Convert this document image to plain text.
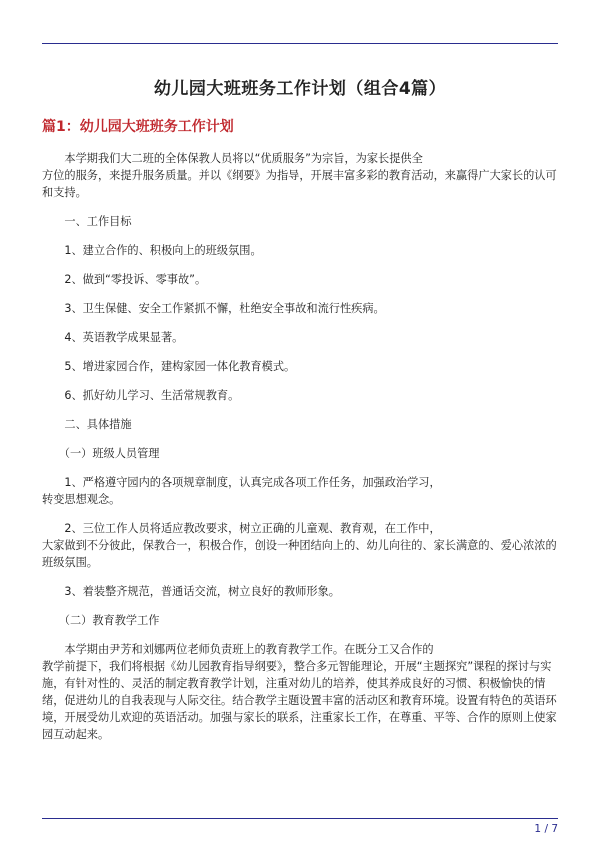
幼儿园大班班务工作计划（组合4篇）
篇1：幼儿园大班班务工作计划

　　本学期我们大二班的全体保教人员将以“优质服务”为宗旨，为家长提供全
方位的服务，来提升服务质量。并以《纲要》为指导，开展丰富多彩的教育活动，来赢得广大家长的认可和支持。

　　一、工作目标

　　1、建立合作的、积极向上的班级氛围。

　　2、做到“零投诉、零事故”。

　　3、卫生保健、安全工作紧抓不懈，杜绝安全事故和流行性疾病。

　　4、英语教学成果显著。

　　5、增进家园合作，建构家园一体化教育模式。

　　6、抓好幼儿学习、生活常规教育。

　　二、具体措施

　　（一）班级人员管理

　　1、严格遵守园内的各项规章制度，认真完成各项工作任务，加强政治学习，
转变思想观念。

　　2、三位工作人员将适应教改要求，树立正确的儿童观、教育观，在工作中，
大家做到不分彼此，保教合一，积极合作，创设一种团结向上的、幼儿向往的、家长满意的、爱心浓浓的班级氛围。

　　3、着装整齐规范，普通话交流，树立良好的教师形象。

　　（二）教育教学工作

　　本学期由尹芳和刘娜两位老师负责班上的教育教学工作。在既分工又合作的
教学前提下，我们将根据《幼儿园教育指导纲要》，整合多元智能理论，开展“主题探究”课程的探讨与实施，有针对性的、灵活的制定教育教学计划，注重对幼儿的培养，使其养成良好的习惯、积极愉快的情绪，促进幼儿的自我表现与人际交往。结合教学主题设置丰富的活动区和教育环境。设置有特色的英语环境，开展受幼儿欢迎的英语活动。加强与家长的联系，注重家长工作，在尊重、平等、合作的原则上使家园互动起来。

1 / 7
